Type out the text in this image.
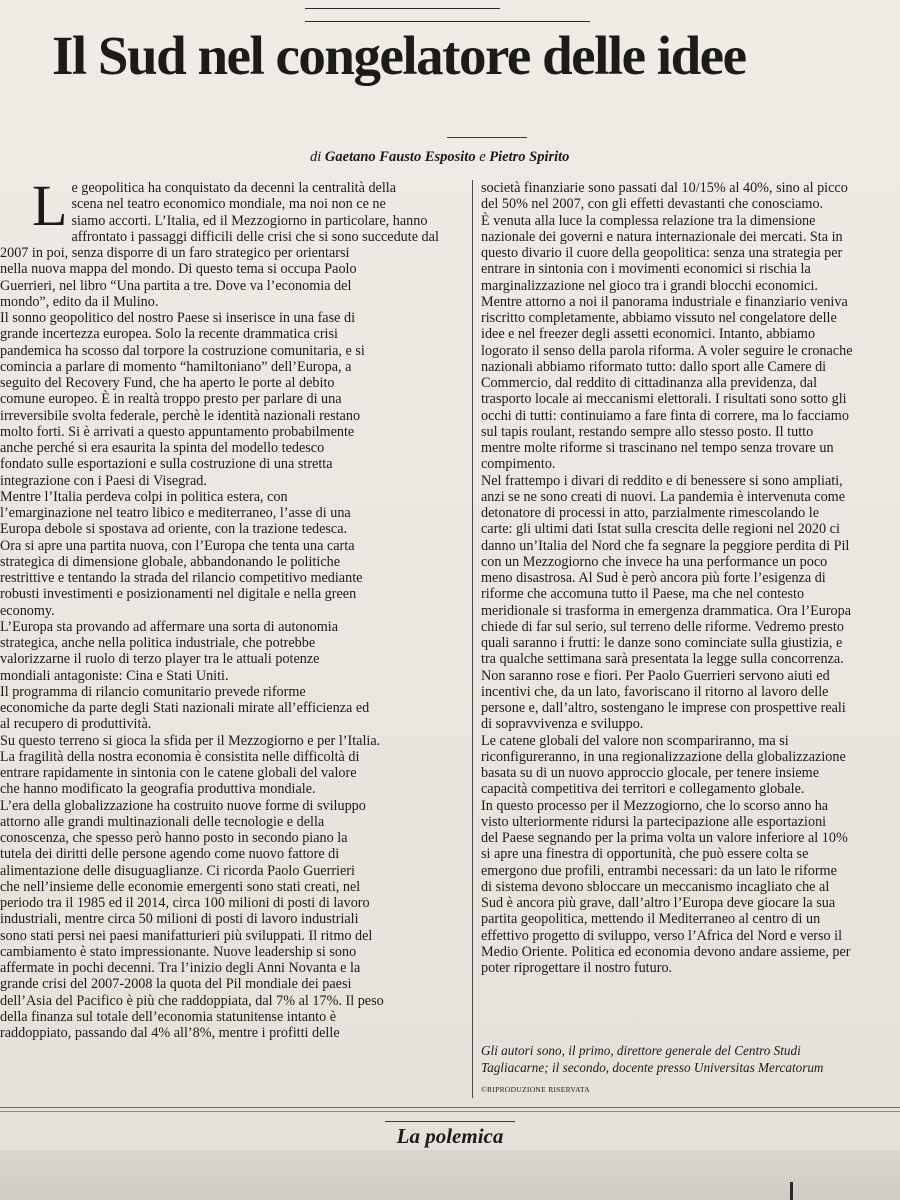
Il Sud nel congelatore delle idee
di Gaetano Fausto Esposito e Pietro Spirito
L e geopolitica ha conquistato da decenni la centralità della
scena nel teatro economico mondiale, ma noi non ce ne
siamo accorti. L’Italia, ed il Mezzogiorno in particolare, hanno
affrontato i passaggi difficili delle crisi che si sono succedute dal
2007 in poi, senza disporre di un faro strategico per orientarsi
nella nuova mappa del mondo. Di questo tema si occupa Paolo
Guerrieri, nel libro “Una partita a tre. Dove va l’economia del
mondo”, edito da il Mulino.
Il sonno geopolitico del nostro Paese si inserisce in una fase di
grande incertezza europea. Solo la recente drammatica crisi
pandemica ha scosso dal torpore la costruzione comunitaria, e si
comincia a parlare di momento “hamiltoniano” dell’Europa, a
seguito del Recovery Fund, che ha aperto le porte al debito
comune europeo. È in realtà troppo presto per parlare di una
irreversibile svolta federale, perchè le identità nazionali restano
molto forti. Si è arrivati a questo appuntamento probabilmente
anche perché si era esaurita la spinta del modello tedesco
fondato sulle esportazioni e sulla costruzione di una stretta
integrazione con i Paesi di Visegrad.
Mentre l’Italia perdeva colpi in politica estera, con
l’emarginazione nel teatro libico e mediterraneo, l’asse di una
Europa debole si spostava ad oriente, con la trazione tedesca.
Ora si apre una partita nuova, con l’Europa che tenta una carta
strategica di dimensione globale, abbandonando le politiche
restrittive e tentando la strada del rilancio competitivo mediante
robusti investimenti e posizionamenti nel digitale e nella green
economy.
L’Europa sta provando ad affermare una sorta di autonomia
strategica, anche nella politica industriale, che potrebbe
valorizzarne il ruolo di terzo player tra le attuali potenze
mondiali antagoniste: Cina e Stati Uniti.
Il programma di rilancio comunitario prevede riforme
economiche da parte degli Stati nazionali mirate all’efficienza ed
al recupero di produttività.
Su questo terreno si gioca la sfida per il Mezzogiorno e per l’Italia.
La fragilità della nostra economia è consistita nelle difficoltà di
entrare rapidamente in sintonia con le catene globali del valore
che hanno modificato la geografia produttiva mondiale.
L’era della globalizzazione ha costruito nuove forme di sviluppo
attorno alle grandi multinazionali delle tecnologie e della
conoscenza, che spesso però hanno posto in secondo piano la
tutela dei diritti delle persone agendo come nuovo fattore di
alimentazione delle disuguaglianze. Ci ricorda Paolo Guerrieri
che nell’insieme delle economie emergenti sono stati creati, nel
periodo tra il 1985 ed il 2014, circa 100 milioni di posti di lavoro
industriali, mentre circa 50 milioni di posti di lavoro industriali
sono stati persi nei paesi manifatturieri più sviluppati. Il ritmo del
cambiamento è stato impressionante. Nuove leadership si sono
affermate in pochi decenni. Tra l’inizio degli Anni Novanta e la
grande crisi del 2007-2008 la quota del Pil mondiale dei paesi
dell’Asia del Pacifico è più che raddoppiata, dal 7% al 17%. Il peso
della finanza sul totale dell’economia statunitense intanto è
raddoppiato, passando dal 4% all’8%, mentre i profitti delle
società finanziarie sono passati dal 10/15% al 40%, sino al picco
del 50% nel 2007, con gli effetti devastanti che conosciamo.
È venuta alla luce la complessa relazione tra la dimensione
nazionale dei governi e natura internazionale dei mercati. Sta in
questo divario il cuore della geopolitica: senza una strategia per
entrare in sintonia con i movimenti economici si rischia la
marginalizzazione nel gioco tra i grandi blocchi economici.
Mentre attorno a noi il panorama industriale e finanziario veniva
riscritto completamente, abbiamo vissuto nel congelatore delle
idee e nel freezer degli assetti economici. Intanto, abbiamo
logorato il senso della parola riforma. A voler seguire le cronache
nazionali abbiamo riformato tutto: dallo sport alle Camere di
Commercio, dal reddito di cittadinanza alla previdenza, dal
trasporto locale ai meccanismi elettorali. I risultati sono sotto gli
occhi di tutti: continuiamo a fare finta di correre, ma lo facciamo
sul tapis roulant, restando sempre allo stesso posto. Il tutto
mentre molte riforme si trascinano nel tempo senza trovare un
compimento.
Nel frattempo i divari di reddito e di benessere si sono ampliati,
anzi se ne sono creati di nuovi. La pandemia è intervenuta come
detonatore di processi in atto, parzialmente rimescolando le
carte: gli ultimi dati Istat sulla crescita delle regioni nel 2020 ci
danno un’Italia del Nord che fa segnare la peggiore perdita di Pil
con un Mezzogiorno che invece ha una performance un poco
meno disastrosa. Al Sud è però ancora più forte l’esigenza di
riforme che accomuna tutto il Paese, ma che nel contesto
meridionale si trasforma in emergenza drammatica. Ora l’Europa
chiede di far sul serio, sul terreno delle riforme. Vedremo presto
quali saranno i frutti: le danze sono cominciate sulla giustizia, e
tra qualche settimana sarà presentata la legge sulla concorrenza.
Non saranno rose e fiori. Per Paolo Guerrieri servono aiuti ed
incentivi che, da un lato, favoriscano il ritorno al lavoro delle
persone e, dall’altro, sostengano le imprese con prospettive reali
di sopravvivenza e sviluppo.
Le catene globali del valore non scompariranno, ma si
riconfigureranno, in una regionalizzazione della globalizzazione
basata su di un nuovo approccio glocale, per tenere insieme
capacità competitiva dei territori e collegamento globale.
In questo processo per il Mezzogiorno, che lo scorso anno ha
visto ulteriormente ridursi la partecipazione alle esportazioni
del Paese segnando per la prima volta un valore inferiore al 10%
si apre una finestra di opportunità, che può essere colta se
emergono due profili, entrambi necessari: da un lato le riforme
di sistema devono sbloccare un meccanismo incagliato che al
Sud è ancora più grave, dall’altro l’Europa deve giocare la sua
partita geopolitica, mettendo il Mediterraneo al centro di un
effettivo progetto di sviluppo, verso l’Africa del Nord e verso il
Medio Oriente. Politica ed economia devono andare assieme, per
poter riprogettare il nostro futuro.
Gli autori sono, il primo, direttore generale del Centro Studi
Tagliacarne; il secondo, docente presso Universitas Mercatorum
©RIPRODUZIONE RISERVATA
La polemica
